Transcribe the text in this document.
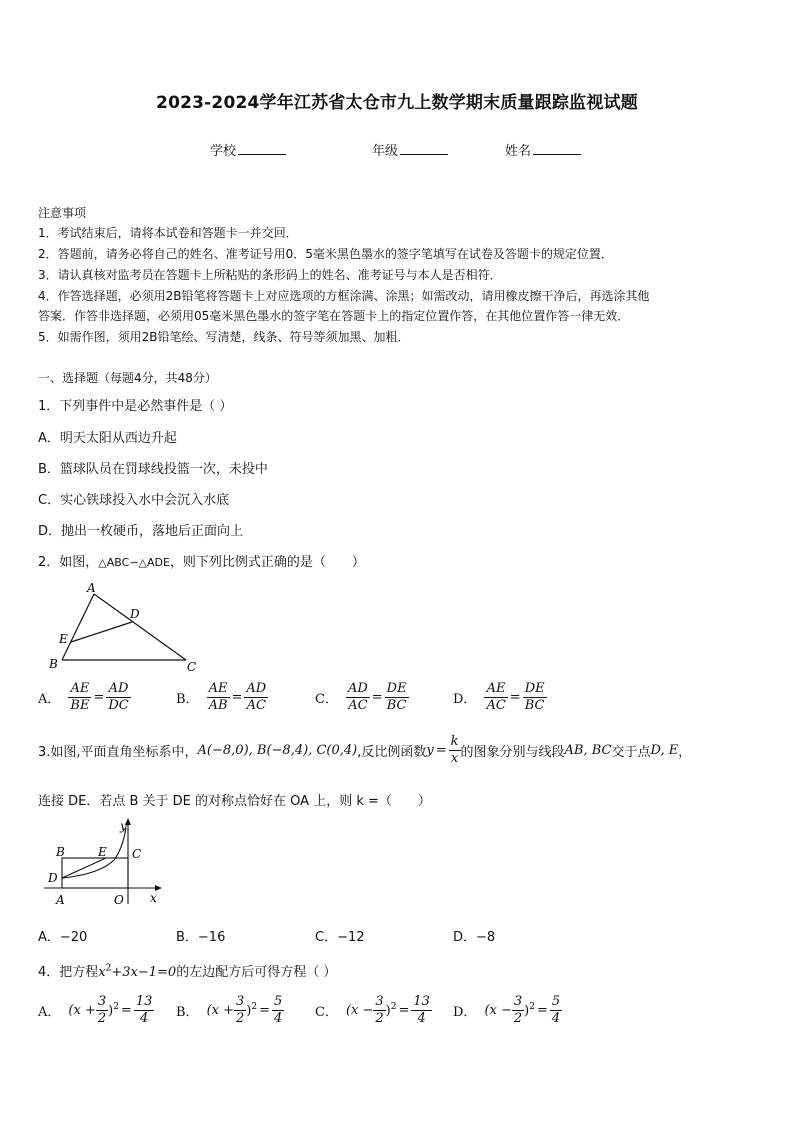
2023-2024学年江苏省太仓市九上数学期末质量跟踪监视试题
学校	年级	姓名
注意事项
1．考试结束后，请将本试卷和答题卡一并交回．
2．答题前，请务必将自己的姓名、准考证号用0．5毫米黑色墨水的签字笔填写在试卷及答题卡的规定位置．
3．请认真核对监考员在答题卡上所粘贴的条形码上的姓名、准考证号与本人是否相符．
4．作答选择题，必须用2B铅笔将答题卡上对应选项的方框涂满、涂黑；如需改动，请用橡皮擦干净后，再选涂其他
答案．作答非选择题，必须用05毫米黑色墨水的签字笔在答题卡上的指定位置作答，在其他位置作答一律无效．
5．如需作图，须用2B铅笔绘、写清楚，线条、符号等须加黑、加粗．
一、选择题（每题4分，共48分）
1．下列事件中是必然事件是（ ）
A．明天太阳从西边升起
B．篮球队员在罚球线投篮一次，未投中
C．实心铁球投入水中会沉入水底
D．抛出一枚硬币，落地后正面向上
2．如图，△ABC∽△ADE，则下列比例式正确的是（　　）
A
B	C
D
E
A． $\frac{AE}{BE} = \frac{AD}{DC}$	B． $\frac{AE}{AB} = \frac{AD}{AC}$	C． $\frac{AD}{AC} = \frac{DE}{BC}$	D． $\frac{AE}{AC} = \frac{DE}{BC}$
3.如图,平面直角坐标系中， A(−8,0), B(−8,4), C(0,4) ,反比例函数 $y = \frac{k}{x}$ 的图象分别与线段 AB, BC 交于点 D, E ，
连接 DE．若点 B 关于 DE 的对称点恰好在 OA 上，则 k =（　　）
y
x
B	E C
D
A	O
A．−20	B．−16	C．−12	D．−8
4．把方程$x^2+3x-1=0$的左边配方后可得方程（ ）
A． $(x + \frac{3}{2} )^2 = \frac{13}{4}$ B． $(x + \frac{3}{2} )^2 = \frac{5}{4}$ C． $(x - \frac{3}{2} )^2 = \frac{13}{4}$ D． $(x - \frac{3}{2} )^2 = \frac{5}{4}$
